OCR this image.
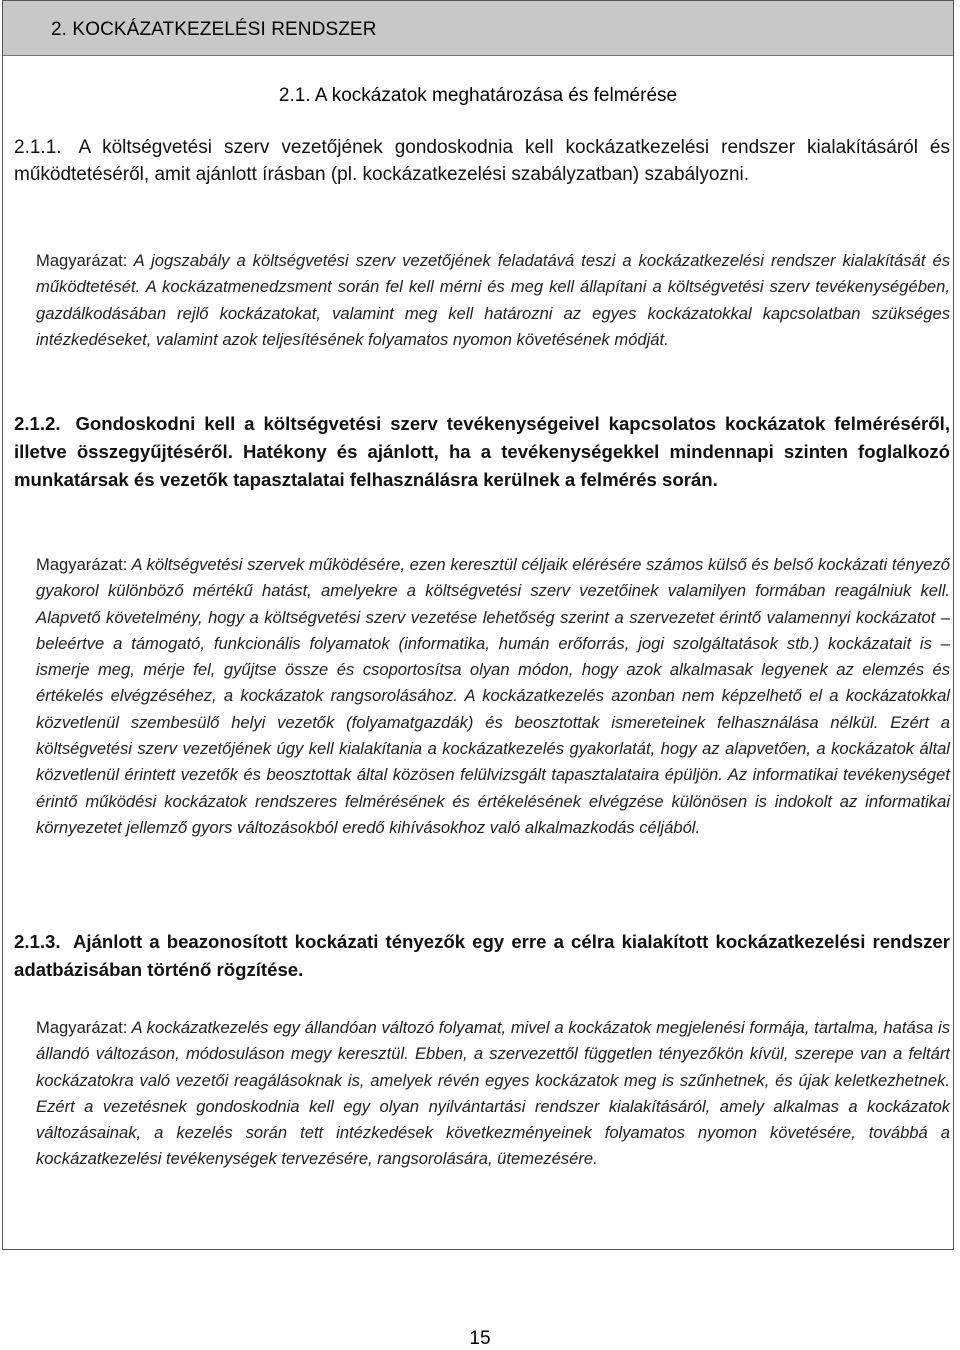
2. KOCKÁZATKEZELÉSI RENDSZER
2.1. A kockázatok meghatározása és felmérése
2.1.1. A költségvetési szerv vezetőjének gondoskodnia kell kockázatkezelési rendszer kialakításáról és működtetéséről, amit ajánlott írásban (pl. kockázatkezelési szabályzatban) szabályozni.
Magyarázat: A jogszabály a költségvetési szerv vezetőjének feladatává teszi a kockázatkezelési rendszer kialakítását és működtetését. A kockázatmenedzsment során fel kell mérni és meg kell állapítani a költségvetési szerv tevékenységében, gazdálkodásában rejlő kockázatokat, valamint meg kell határozni az egyes kockázatokkal kapcsolatban szükséges intézkedéseket, valamint azok teljesítésének folyamatos nyomon követésének módját.
2.1.2. Gondoskodni kell a költségvetési szerv tevékenységeivel kapcsolatos kockázatok felméréséről, illetve összegyűjtéséről. Hatékony és ajánlott, ha a tevékenységekkel mindennapi szinten foglalkozó munkatársak és vezetők tapasztalatai felhasználásra kerülnek a felmérés során.
Magyarázat: A költségvetési szervek működésére, ezen keresztül céljaik elérésére számos külső és belső kockázati tényező gyakorol különböző mértékű hatást, amelyekre a költségvetési szerv vezetőinek valamilyen formában reagálniuk kell. Alapvető követelmény, hogy a költségvetési szerv vezetése lehetőség szerint a szervezetet érintő valamennyi kockázatot – beleértve a támogató, funkcionális folyamatok (informatika, humán erőforrás, jogi szolgáltatások stb.) kockázatait is – ismerje meg, mérje fel, gyűjtse össze és csoportosítsa olyan módon, hogy azok alkalmasak legyenek az elemzés és értékelés elvégzéséhez, a kockázatok rangsorolásához. A kockázatkezelés azonban nem képzelhető el a kockázatokkal közvetlenül szembesülő helyi vezetők (folyamatgazdák) és beosztottak ismereteinek felhasználása nélkül. Ezért a költségvetési szerv vezetőjének úgy kell kialakítania a kockázatkezelés gyakorlatát, hogy az alapvetően, a kockázatok által közvetlenül érintett vezetők és beosztottak által közösen felülvizsgált tapasztalataira épüljön. Az informatikai tevékenységet érintő működési kockázatok rendszeres felmérésének és értékelésének elvégzése különösen is indokolt az informatikai környezetet jellemző gyors változásokból eredő kihívásokhoz való alkalmazkodás céljából.
2.1.3. Ajánlott a beazonosított kockázati tényezők egy erre a célra kialakított kockázatkezelési rendszer adatbázisában történő rögzítése.
Magyarázat: A kockázatkezelés egy állandóan változó folyamat, mivel a kockázatok megjelenési formája, tartalma, hatása is állandó változáson, módosuláson megy keresztül. Ebben, a szervezettől független tényezőkön kívül, szerepe van a feltárt kockázatokra való vezetői reagálásoknak is, amelyek révén egyes kockázatok meg is szűnhetnek, és újak keletkezhetnek. Ezért a vezetésnek gondoskodnia kell egy olyan nyilvántartási rendszer kialakításáról, amely alkalmas a kockázatok változásainak, a kezelés során tett intézkedések következményeinek folyamatos nyomon követésére, továbbá a kockázatkezelési tevékenységek tervezésére, rangsorolására, ütemezésére.
15
